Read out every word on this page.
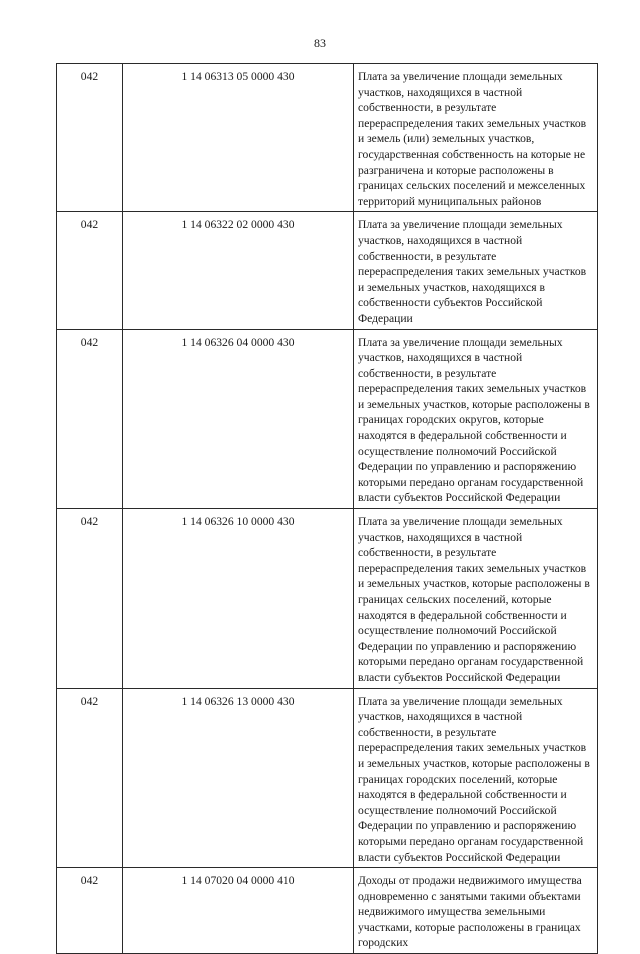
83
042	1 14 06313 05 0000 430	Плата за увеличение площади земельных участков, находящихся в частной собственности, в результате перераспределения таких земельных участков и земель (или) земельных участков, государственная собственность на которые не разграничена и которые расположены в границах сельских поселений и межселенных территорий муниципальных районов
042	1 14 06322 02 0000 430	Плата за увеличение площади земельных участков, находящихся в частной собственности, в результате перераспределения таких земельных участков и земельных участков, находящихся в собственности субъектов Российской Федерации
042	1 14 06326 04 0000 430	Плата за увеличение площади земельных участков, находящихся в частной собственности, в результате перераспределения таких земельных участков и земельных участков, которые расположены в границах городских округов, которые находятся в федеральной собственности и осуществление полномочий Российской Федерации по управлению и распоряжению которыми передано органам государственной власти субъектов Российской Федерации
042	1 14 06326 10 0000 430	Плата за увеличение площади земельных участков, находящихся в частной собственности, в результате перераспределения таких земельных участков и земельных участков, которые расположены в границах сельских поселений, которые находятся в федеральной собственности и осуществление полномочий Российской Федерации по управлению и распоряжению которыми передано органам государственной власти субъектов Российской Федерации
042	1 14 06326 13 0000 430	Плата за увеличение площади земельных участков, находящихся в частной собственности, в результате перераспределения таких земельных участков и земельных участков, которые расположены в границах городских поселений, которые находятся в федеральной собственности и осуществление полномочий Российской Федерации по управлению и распоряжению которыми передано органам государственной власти субъектов Российской Федерации
042	1 14 07020 04 0000 410	Доходы от продажи недвижимого имущества одновременно с занятыми такими объектами недвижимого имущества земельными участками, которые расположены в границах городских
